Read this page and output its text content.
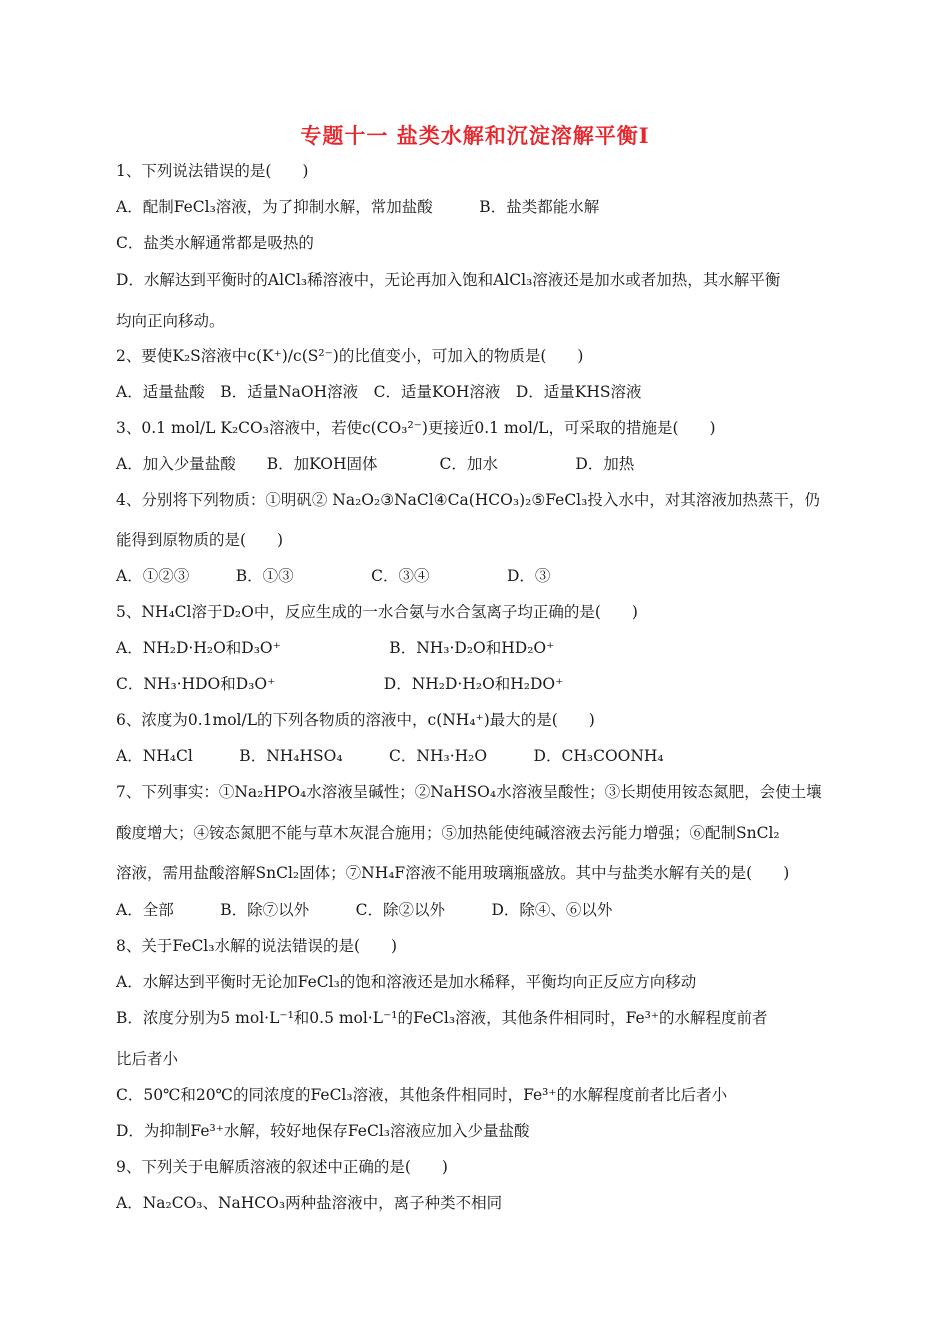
专题十一 盐类水解和沉淀溶解平衡Ⅰ
1、下列说法错误的是(　　)
A．配制FeCl₃溶液，为了抑制水解，常加盐酸　　　B．盐类都能水解
C．盐类水解通常都是吸热的
D．水解达到平衡时的AlCl₃稀溶液中，无论再加入饱和AlCl₃溶液还是加水或者加热，其水解平衡
均向正向移动。
2、要使K₂S溶液中c(K⁺)/c(S²⁻)的比值变小，可加入的物质是(　　)
A．适量盐酸　B．适量NaOH溶液　C．适量KOH溶液　D．适量KHS溶液
3、0.1 mol/L K₂CO₃溶液中，若使c(CO₃²⁻)更接近0.1 mol/L，可采取的措施是(　　)
A．加入少量盐酸　　B．加KOH固体　　　　C．加水　　　　　D．加热
4、分别将下列物质：①明矾② Na₂O₂③NaCl④Ca(HCO₃)₂⑤FeCl₃投入水中，对其溶液加热蒸干，仍
能得到原物质的是(　　)
A．①②③　　　B．①③　　　　　C．③④　　　　　D．③
5、NH₄Cl溶于D₂O中，反应生成的一水合氨与水合氢离子均正确的是(　　)
A．NH₂D·H₂O和D₃O⁺　　　　　　　B．NH₃·D₂O和HD₂O⁺
C．NH₃·HDO和D₃O⁺　　　　　　　D．NH₂D·H₂O和H₂DO⁺
6、浓度为0.1mol/L的下列各物质的溶液中，c(NH₄⁺)最大的是(　　)
A．NH₄Cl　　　B．NH₄HSO₄　　　C．NH₃·H₂O　　　D．CH₃COONH₄
7、下列事实：①Na₂HPO₄水溶液呈碱性；②NaHSO₄水溶液呈酸性；③长期使用铵态氮肥，会使土壤
酸度增大；④铵态氮肥不能与草木灰混合施用；⑤加热能使纯碱溶液去污能力增强；⑥配制SnCl₂
溶液，需用盐酸溶解SnCl₂固体；⑦NH₄F溶液不能用玻璃瓶盛放。其中与盐类水解有关的是(　　)
A．全部　　　B．除⑦以外　　　C．除②以外　　　D．除④、⑥以外
8、关于FeCl₃水解的说法错误的是(　　)
A．水解达到平衡时无论加FeCl₃的饱和溶液还是加水稀释，平衡均向正反应方向移动
B．浓度分别为5 mol·L⁻¹和0.5 mol·L⁻¹的FeCl₃溶液，其他条件相同时，Fe³⁺的水解程度前者
比后者小
C．50℃和20℃的同浓度的FeCl₃溶液，其他条件相同时，Fe³⁺的水解程度前者比后者小
D．为抑制Fe³⁺水解，较好地保存FeCl₃溶液应加入少量盐酸
9、下列关于电解质溶液的叙述中正确的是(　　)
A．Na₂CO₃、NaHCO₃两种盐溶液中，离子种类不相同
